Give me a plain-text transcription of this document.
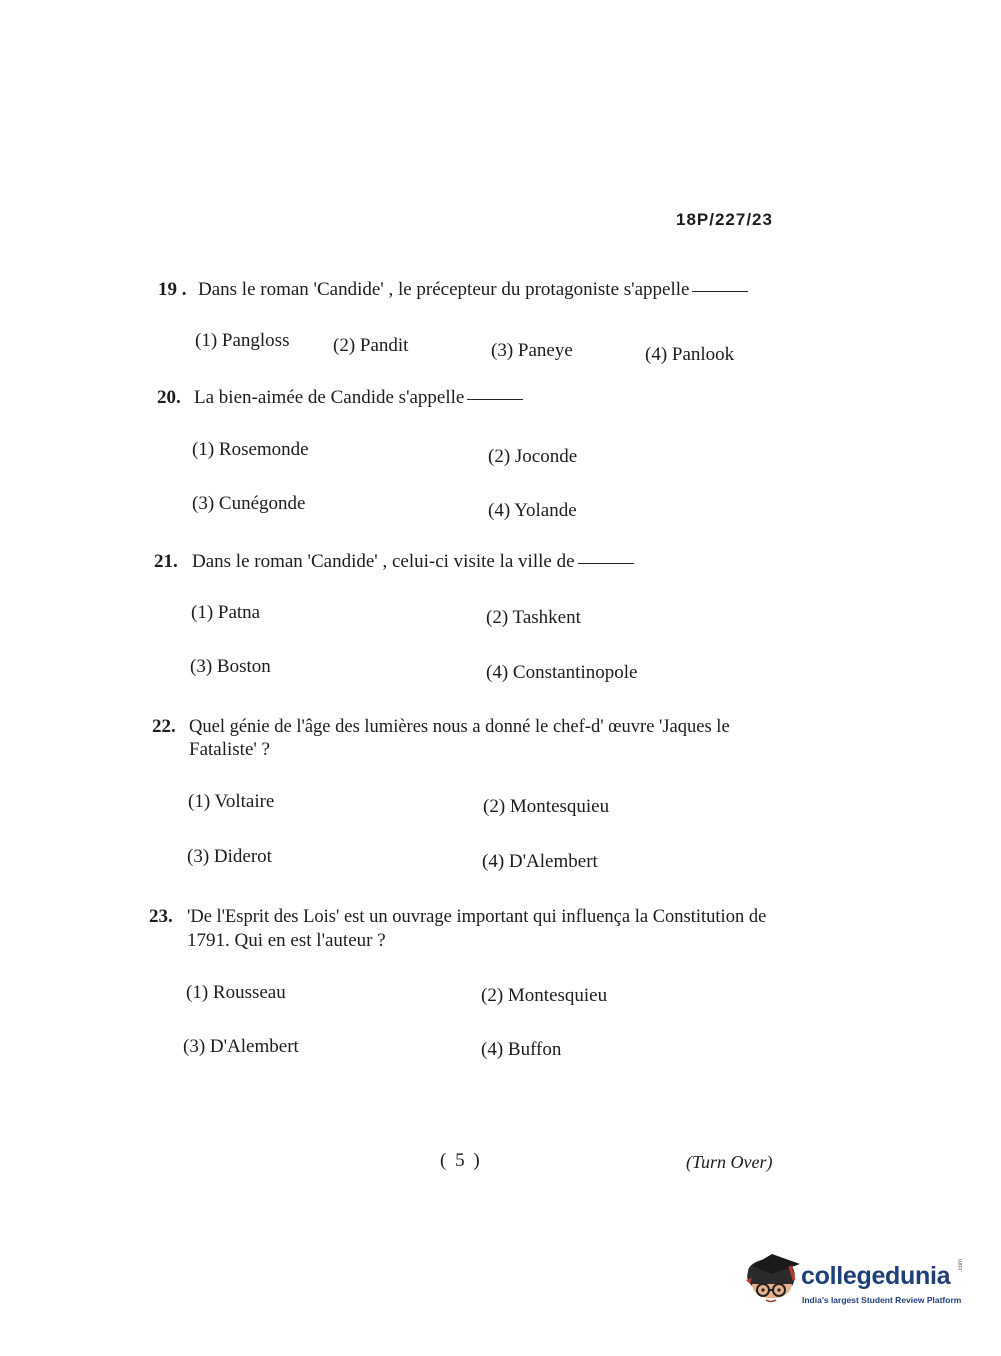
18P/227/23
19 . Dans le roman 'Candide' , le précepteur du protagoniste s'appelle
(1) Pangloss (2) Pandit	(3) Paneye	(4) Panlook
20. La bien-aimée de Candide s'appelle
(1) Rosemonde	(2) Joconde
(3) Cunégonde	(4) Yolande
21. Dans le roman 'Candide' , celui-ci visite la ville de
(1) Patna	(2) Tashkent
(3) Boston	(4) Constantinopole
22. Quel génie de l'âge des lumières nous a donné le chef-d' œuvre 'Jaques le
Fataliste' ?
(1) Voltaire	(2) Montesquieu
(3) Diderot	(4) D'Alembert
23. 'De l'Esprit des Lois' est un ouvrage important qui influença la Constitution de
1791. Qui en est l'auteur ?
(1) Rousseau	(2) Montesquieu
(3) D'Alembert	(4) Buffon
( 5 )	(Turn Over)
collegedunia .com
India's largest Student Review Platform
